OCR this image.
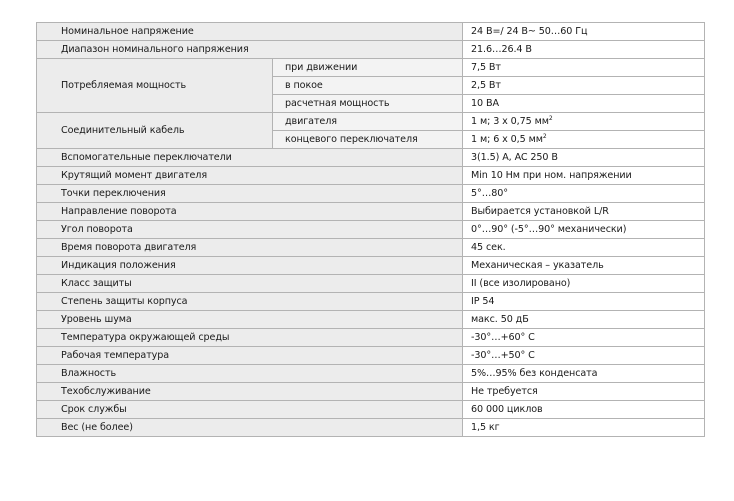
Номинальное напряжение		24 В=/ 24 В~ 50…60 Гц
Диапазон номинального напряжения		21.6…26.4 В
Потребляемая мощность	при движении	7,5 Вт
	в покое	2,5 Вт
	расчетная мощность	10 ВА
Соединительный кабель	двигателя	1 м; 3 x 0,75 $мм^2$
	концевого переключателя	1 м; 6 x 0,5 $мм^2$
Вспомогательные переключатели		3(1.5) A, AC 250 В
Крутящий момент двигателя		Min 10 Нм при ном. напряжении
Точки переключения		5°…80°
Направление поворота		Выбирается установкой L/R
Угол поворота		0°…90° (-5°…90° механически)
Время поворота двигателя		45 сек.
Индикация положения		Механическая – указатель
Класс защиты		II (все изолировано)
Степень защиты корпуса		IP 54
Уровень шума		макс. 50 дБ
Температура окружающей среды		-30°…+60° C
Рабочая температура		-30°…+50° C
Влажность		5%…95% без конденсата
Техобслуживание		Не требуется
Срок службы		60 000 циклов
Вес (не более)		1,5 кг
